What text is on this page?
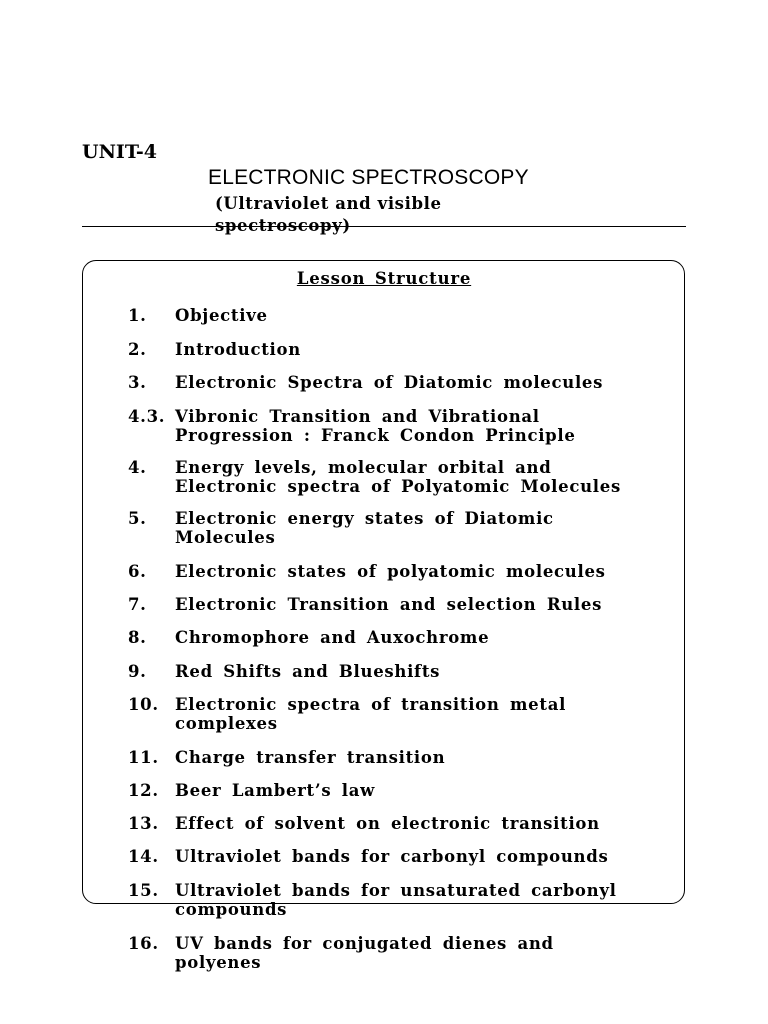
UNIT-4
ELECTRONIC SPECTROSCOPY
(Ultraviolet and visible spectroscopy)
Lesson Structure
1. Objective
2. Introduction
3. Electronic Spectra of Diatomic molecules
4.3. Vibronic Transition and Vibrational Progression : Franck Condon Principle
4. Energy levels, molecular orbital and Electronic spectra of Polyatomic Molecules
5. Electronic energy states of Diatomic Molecules
6. Electronic states of polyatomic molecules
7. Electronic Transition and selection Rules
8. Chromophore and Auxochrome
9. Red Shifts and Blueshifts
10. Electronic spectra of transition metal complexes
11. Charge transfer transition
12. Beer Lambert’s law
13. Effect of solvent on electronic transition
14. Ultraviolet bands for carbonyl compounds
15. Ultraviolet bands for unsaturated carbonyl compounds
16. UV bands for conjugated dienes and polyenes
